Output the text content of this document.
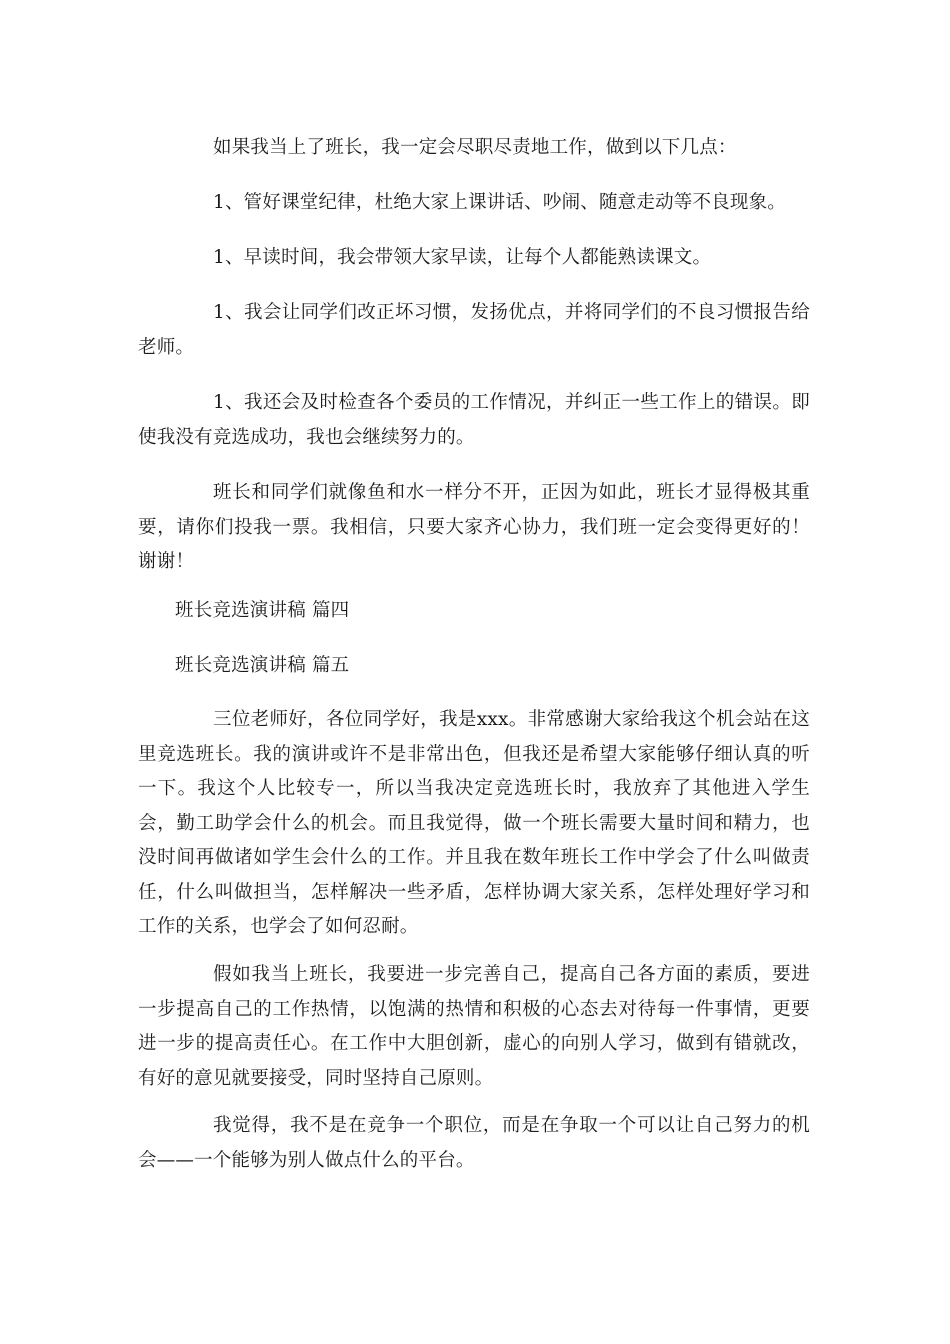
如果我当上了班长，我一定会尽职尽责地工作，做到以下几点：

1、管好课堂纪律，杜绝大家上课讲话、吵闹、随意走动等不良现象。

1、早读时间，我会带领大家早读，让每个人都能熟读课文。

1、我会让同学们改正坏习惯，发扬优点，并将同学们的不良习惯报告给老师。

1、我还会及时检查各个委员的工作情况，并纠正一些工作上的错误。即使我没有竞选成功，我也会继续努力的。

班长和同学们就像鱼和水一样分不开，正因为如此，班长才显得极其重要，请你们投我一票。我相信，只要大家齐心协力，我们班一定会变得更好的！谢谢！

班长竞选演讲稿 篇四

班长竞选演讲稿 篇五

三位老师好，各位同学好，我是xxx。非常感谢大家给我这个机会站在这里竞选班长。我的演讲或许不是非常出色，但我还是希望大家能够仔细认真的听一下。我这个人比较专一，所以当我决定竞选班长时，我放弃了其他进入学生会，勤工助学会什么的机会。而且我觉得，做一个班长需要大量时间和精力，也没时间再做诸如学生会什么的工作。并且我在数年班长工作中学会了什么叫做责任，什么叫做担当，怎样解决一些矛盾，怎样协调大家关系，怎样处理好学习和工作的关系，也学会了如何忍耐。

假如我当上班长，我要进一步完善自己，提高自己各方面的素质，要进一步提高自己的工作热情，以饱满的热情和积极的心态去对待每一件事情，更要进一步的提高责任心。在工作中大胆创新，虚心的向别人学习，做到有错就改，有好的意见就要接受，同时坚持自己原则。

我觉得，我不是在竞争一个职位，而是在争取一个可以让自己努力的机会——一个能够为别人做点什么的平台。
